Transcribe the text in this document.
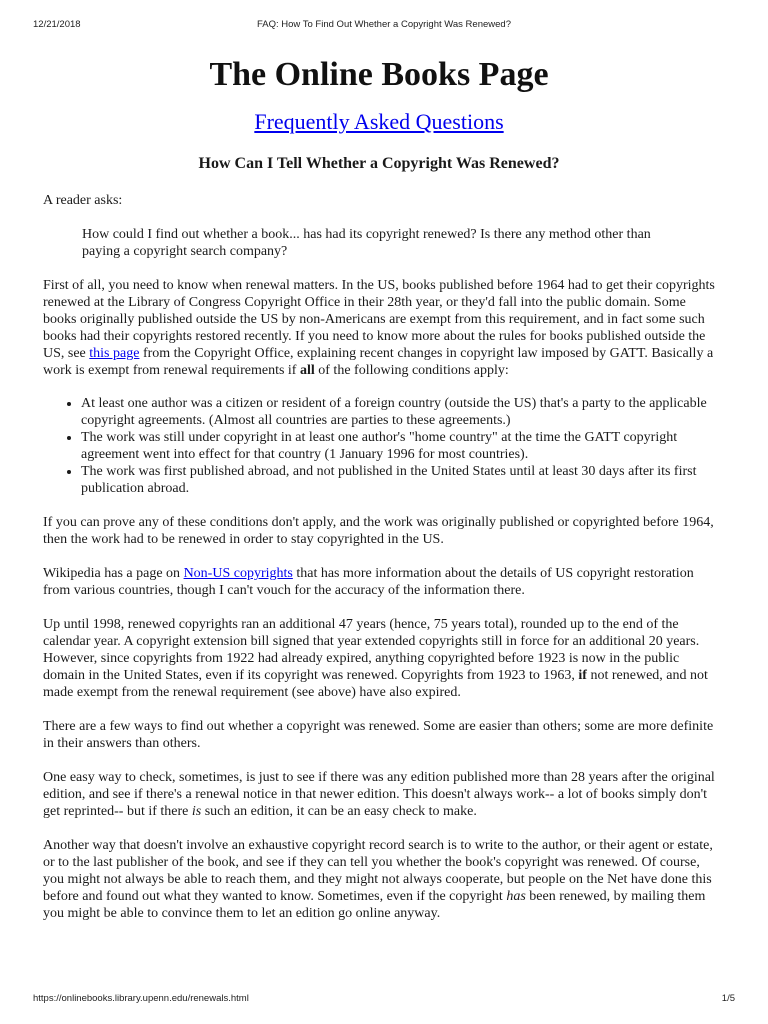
12/21/2018	FAQ: How To Find Out Whether a Copyright Was Renewed?
The Online Books Page
Frequently Asked Questions
How Can I Tell Whether a Copyright Was Renewed?

A reader asks:

How could I find out whether a book... has had its copyright renewed? Is there any method other than paying a copyright search company?

First of all, you need to know when renewal matters. In the US, books published before 1964 had to get their copyrights renewed at the Library of Congress Copyright Office in their 28th year, or they'd fall into the public domain. Some books originally published outside the US by non-Americans are exempt from this requirement, and in fact some such books had their copyrights restored recently. If you need to know more about the rules for books published outside the US, see this page from the Copyright Office, explaining recent changes in copyright law imposed by GATT. Basically a work is exempt from renewal requirements if all of the following conditions apply:

• At least one author was a citizen or resident of a foreign country (outside the US) that's a party to the applicable copyright agreements. (Almost all countries are parties to these agreements.)
• The work was still under copyright in at least one author's "home country" at the time the GATT copyright agreement went into effect for that country (1 January 1996 for most countries).
• The work was first published abroad, and not published in the United States until at least 30 days after its first publication abroad.

If you can prove any of these conditions don't apply, and the work was originally published or copyrighted before 1964, then the work had to be renewed in order to stay copyrighted in the US.

Wikipedia has a page on Non-US copyrights that has more information about the details of US copyright restoration from various countries, though I can't vouch for the accuracy of the information there.

Up until 1998, renewed copyrights ran an additional 47 years (hence, 75 years total), rounded up to the end of the calendar year. A copyright extension bill signed that year extended copyrights still in force for an additional 20 years. However, since copyrights from 1922 had already expired, anything copyrighted before 1923 is now in the public domain in the United States, even if its copyright was renewed. Copyrights from 1923 to 1963, if not renewed, and not made exempt from the renewal requirement (see above) have also expired.

There are a few ways to find out whether a copyright was renewed. Some are easier than others; some are more definite in their answers than others.

One easy way to check, sometimes, is just to see if there was any edition published more than 28 years after the original edition, and see if there's a renewal notice in that newer edition. This doesn't always work-- a lot of books simply don't get reprinted-- but if there is such an edition, it can be an easy check to make.

Another way that doesn't involve an exhaustive copyright record search is to write to the author, or their agent or estate, or to the last publisher of the book, and see if they can tell you whether the book's copyright was renewed. Of course, you might not always be able to reach them, and they might not always cooperate, but people on the Net have done this before and found out what they wanted to know. Sometimes, even if the copyright has been renewed, by mailing them you might be able to convince them to let an edition go online anyway.

https://onlinebooks.library.upenn.edu/renewals.html	1/5
